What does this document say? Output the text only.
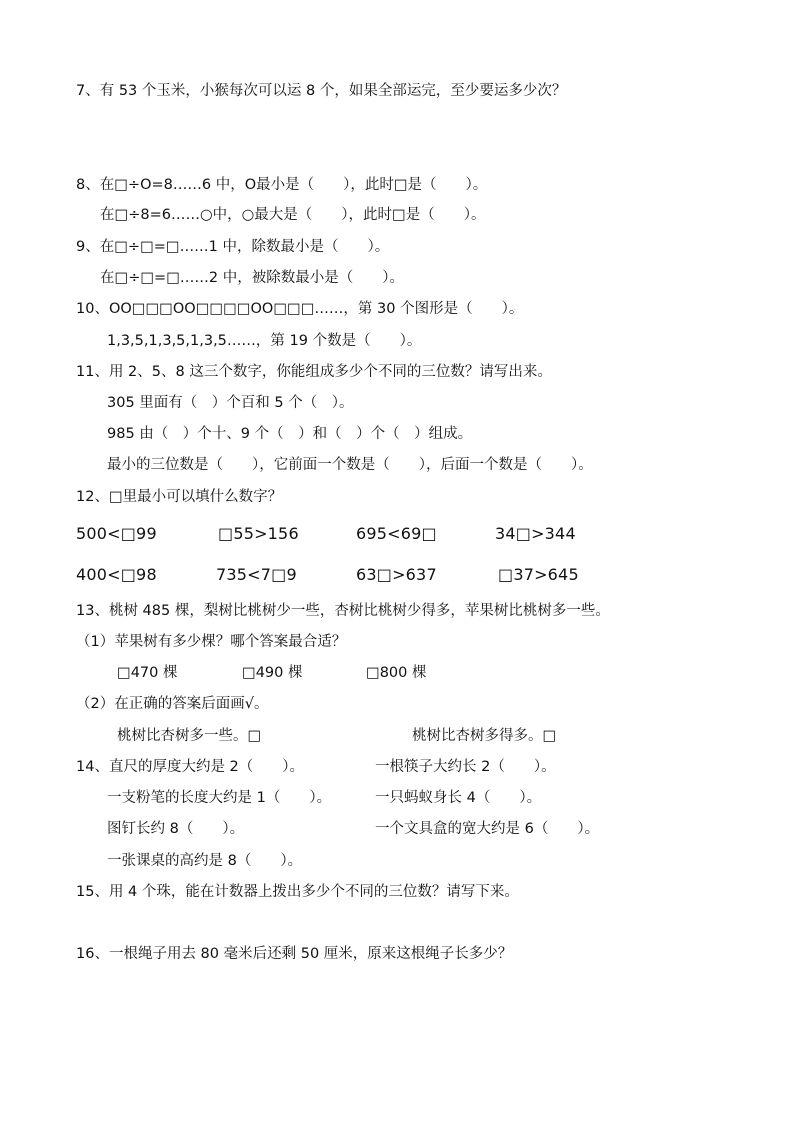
7、有 53 个玉米，小猴每次可以运 8 个，如果全部运完，至少要运多少次？
8、在□÷O=8……6 中，O最小是（　　），此时□是（　　）。
在□÷8=6……○中，○最大是（　　），此时□是（　　）。
9、在□÷□=□……1 中，除数最小是（　　）。
在□÷□=□……2 中，被除数最小是（　　）。
10、OO□□□OO□□□□OO□□□……，第 30 个图形是（　　）。
1,3,5,1,3,5,1,3,5……，第 19 个数是（　　）。
11、用 2、5、8 这三个数字，你能组成多少个不同的三位数？请写出来。
305 里面有（　）个百和 5 个（　）。
985 由（　）个十、9 个（　）和（　）个（　）组成。
最小的三位数是（　　），它前面一个数是（　　），后面一个数是（　　）。
12、□里最小可以填什么数字？
500<□99	□55>156	695<69□	34□>344
400<□98	735<7□9	63□>637	□37>645
13、桃树 485 棵，梨树比桃树少一些，杏树比桃树少得多，苹果树比桃树多一些。
（1）苹果树有多少棵？哪个答案最合适？
□470 棵	□490 棵	□800 棵
（2）在正确的答案后面画√。
桃树比杏树多一些。□	桃树比杏树多得多。□
14、直尺的厚度大约是 2（　　）。	一根筷子大约长 2（　　）。
一支粉笔的长度大约是 1（　　）。	一只蚂蚁身长 4（　　）。
图钉长约 8（　　）。	一个文具盒的宽大约是 6（　　）。
一张课桌的高约是 8（　　）。
15、用 4 个珠，能在计数器上拨出多少个不同的三位数？请写下来。
16、一根绳子用去 80 毫米后还剩 50 厘米，原来这根绳子长多少？
